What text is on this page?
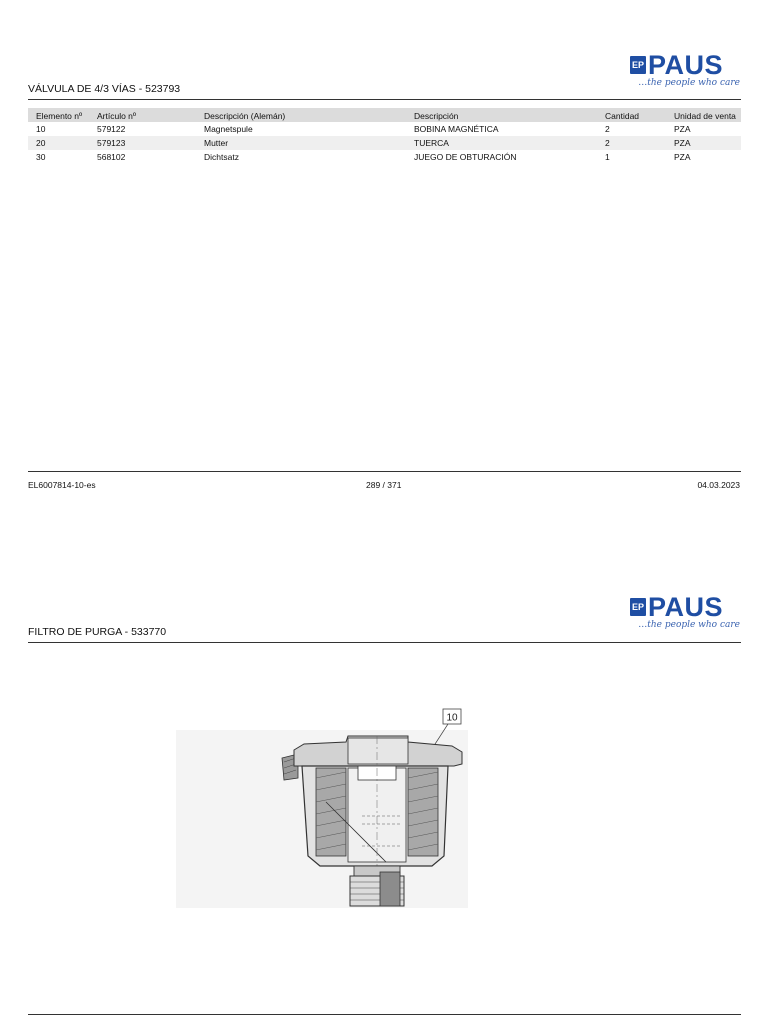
EP PAUS
…the people who care
VÁLVULA DE 4/3 VÍAS - 523793
Elemento nº	Artículo nº	Descripción (Alemán)	Descripción	Cantidad	Unidad de venta
10	579122	Magnetspule	BOBINA MAGNÉTICA	2	PZA
20	579123	Mutter	TUERCA	2	PZA
30	568102	Dichtsatz	JUEGO DE OBTURACIÓN	1	PZA
EL6007814-10-es	289 / 371	04.03.2023
EP PAUS
…the people who care
FILTRO DE PURGA - 533770
10
